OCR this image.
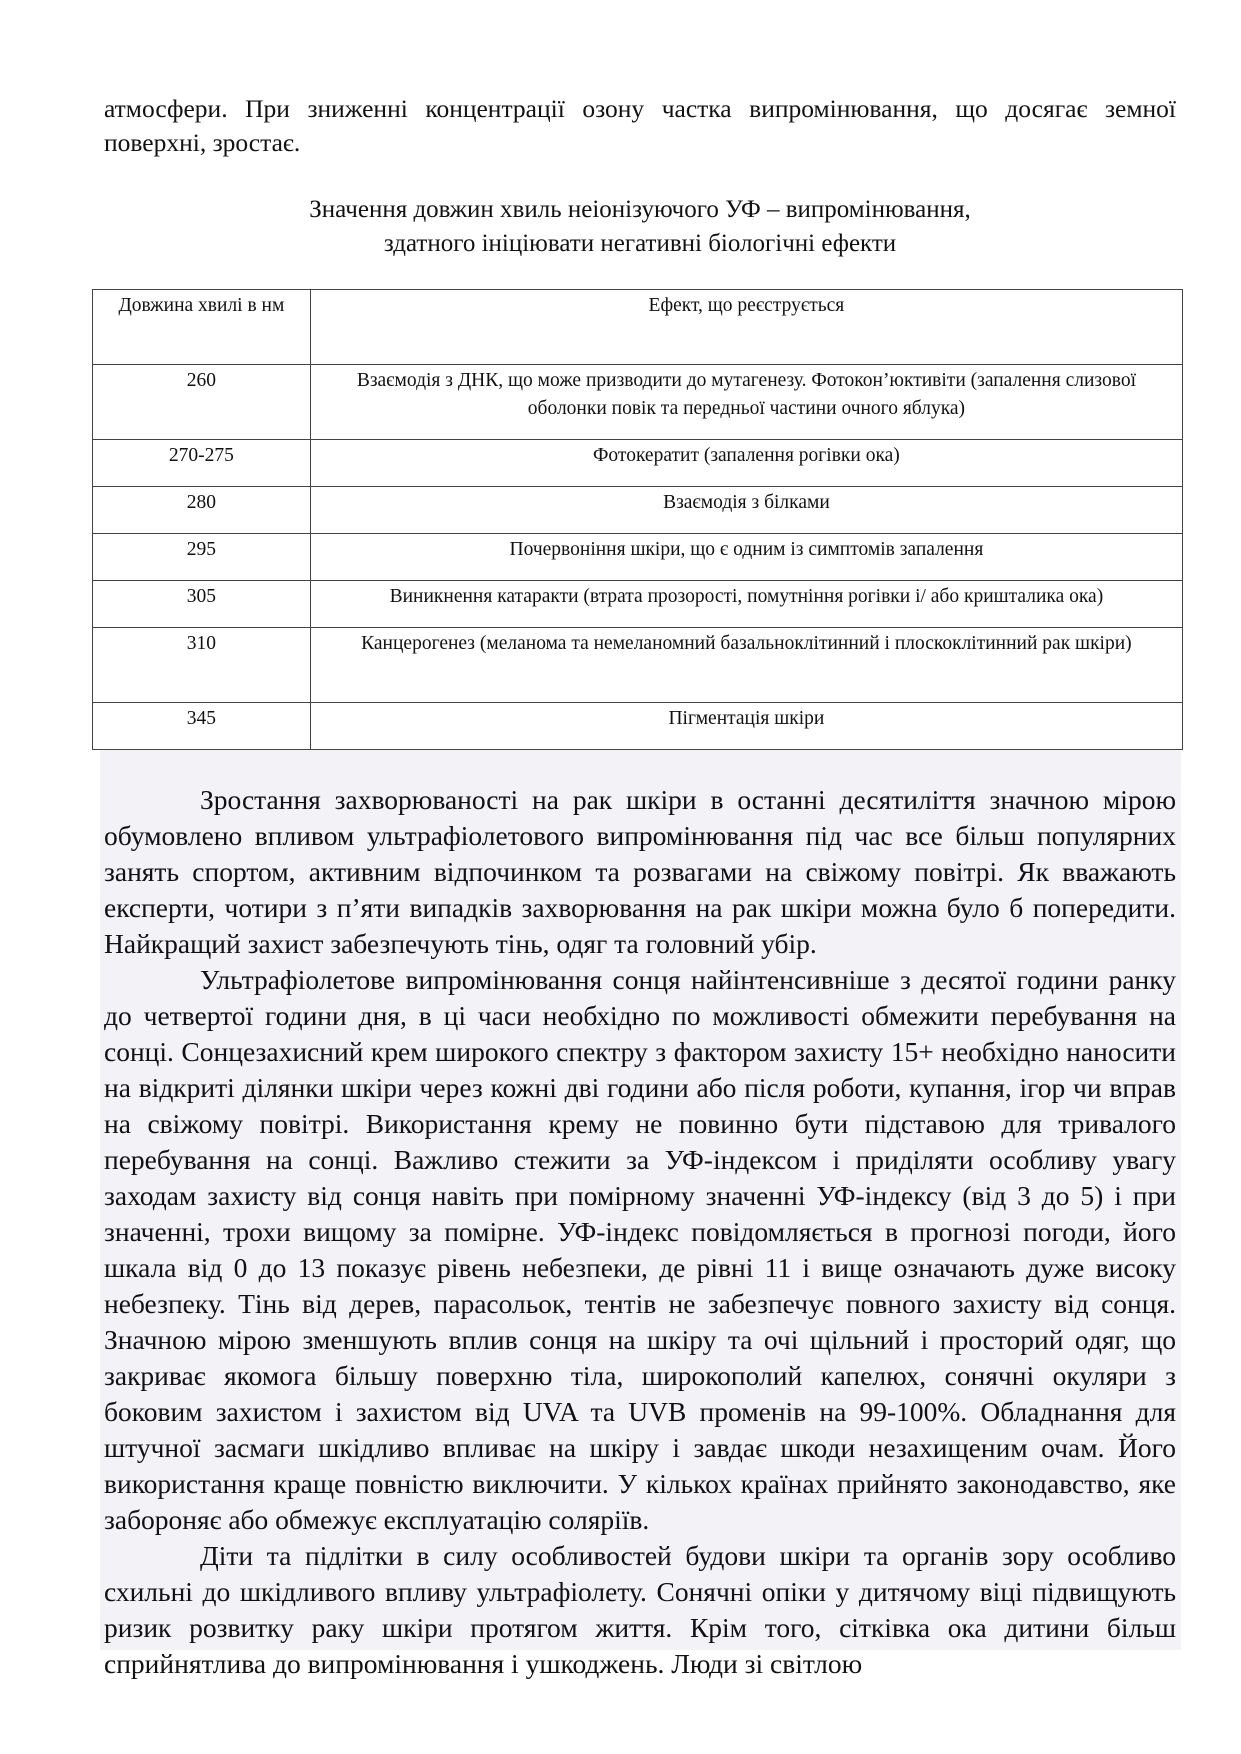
атмосфери. При зниженні концентрації озону частка випромінювання, що досягає земної поверхні, зростає.
Значення довжин хвиль неіонізуючого УФ – випромінювання,
здатного ініціювати негативні біологічні ефекти
Довжина хвилі в нм	Ефект, що реєструється
260	Взаємодія з ДНК, що може призводити до мутагенезу. Фотокон’юктивіти (запалення слизової оболонки повік та передньої частини очного яблука)
270-275	Фотокератит (запалення рогівки ока)
280	Взаємодія з білками
295	Почервоніння шкіри, що є одним із симптомів запалення
305	Виникнення катаракти (втрата прозорості, помутніння рогівки і/ або кришталика ока)
310	Канцерогенез (меланома та немеланомний базальноклітинний і плоскоклітинний рак шкіри)
345	Пігментація шкіри

Зростання захворюваності на рак шкіри в останні десятиліття значною мірою обумовлено впливом ультрафіолетового випромінювання під час все більш популярних занять спортом, активним відпочинком та розвагами на свіжому повітрі. Як вважають експерти, чотири з п’яти випадків захворювання на рак шкіри можна було б попередити. Найкращий захист забезпечують тінь, одяг та головний убір.

Ультрафіолетове випромінювання сонця найінтенсивніше з десятої години ранку до четвертої години дня, в ці часи необхідно по можливості обмежити перебування на сонці. Сонцезахисний крем широкого спектру з фактором захисту 15+ необхідно наносити на відкриті ділянки шкіри через кожні дві години або після роботи, купання, ігор чи вправ на свіжому повітрі. Використання крему не повинно бути підставою для тривалого перебування на сонці. Важливо стежити за УФ-індексом і приділяти особливу увагу заходам захисту від сонця навіть при помірному значенні УФ-індексу (від 3 до 5) і при значенні, трохи вищому за помірне. УФ-індекс повідомляється в прогнозі погоди, його шкала від 0 до 13 показує рівень небезпеки, де рівні 11 і вище означають дуже високу небезпеку. Тінь від дерев, парасольок, тентів не забезпечує повного захисту від сонця. Значною мірою зменшують вплив сонця на шкіру та очі щільний і просторий одяг, що закриває якомога більшу поверхню тіла, широкополий капелюх, сонячні окуляри з боковим захистом і захистом від UVA та UVB променів на 99-100%. Обладнання для штучної засмаги шкідливо впливає на шкіру і завдає шкоди незахищеним очам. Його використання краще повністю виключити. У кількох країнах прийнято законодавство, яке забороняє або обмежує експлуатацію соляріїв.

Діти та підлітки в силу особливостей будови шкіри та органів зору особливо схильні до шкідливого впливу ультрафіолету. Сонячні опіки у дитячому віці підвищують ризик розвитку раку шкіри протягом життя. Крім того, сітківка ока дитини більш сприйнятлива до випромінювання і ушкоджень. Люди зі світлою
